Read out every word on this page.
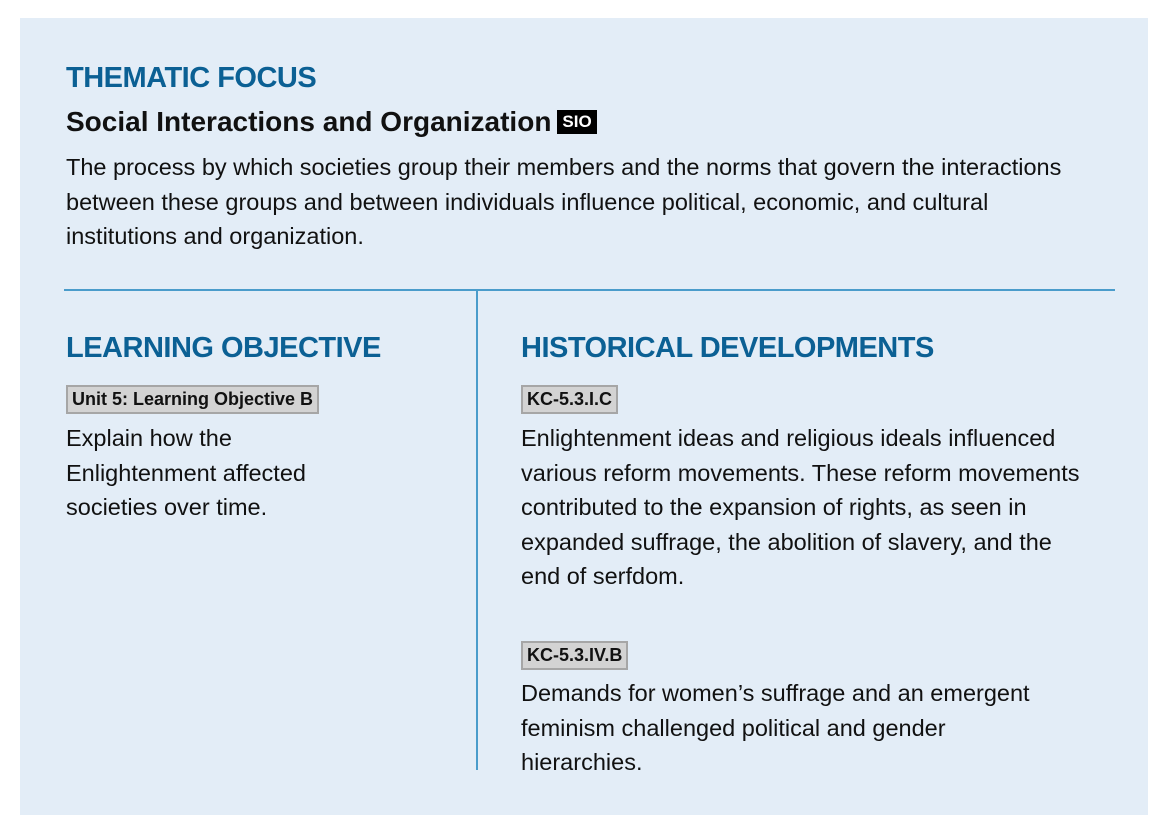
THEMATIC FOCUS
Social Interactions and Organization SIO

The process by which societies group their members and the norms that govern the interactions between these groups and between individuals influence political, economic, and cultural institutions and organization.

LEARNING OBJECTIVE
Unit 5: Learning Objective B

Explain how the Enlightenment affected societies over time.

HISTORICAL DEVELOPMENTS
KC-5.3.I.C

Enlightenment ideas and religious ideals influenced various reform movements. These reform movements contributed to the expansion of rights, as seen in expanded suffrage, the abolition of slavery, and the end of serfdom.

KC-5.3.IV.B

Demands for women’s suffrage and an emergent feminism challenged political and gender hierarchies.
